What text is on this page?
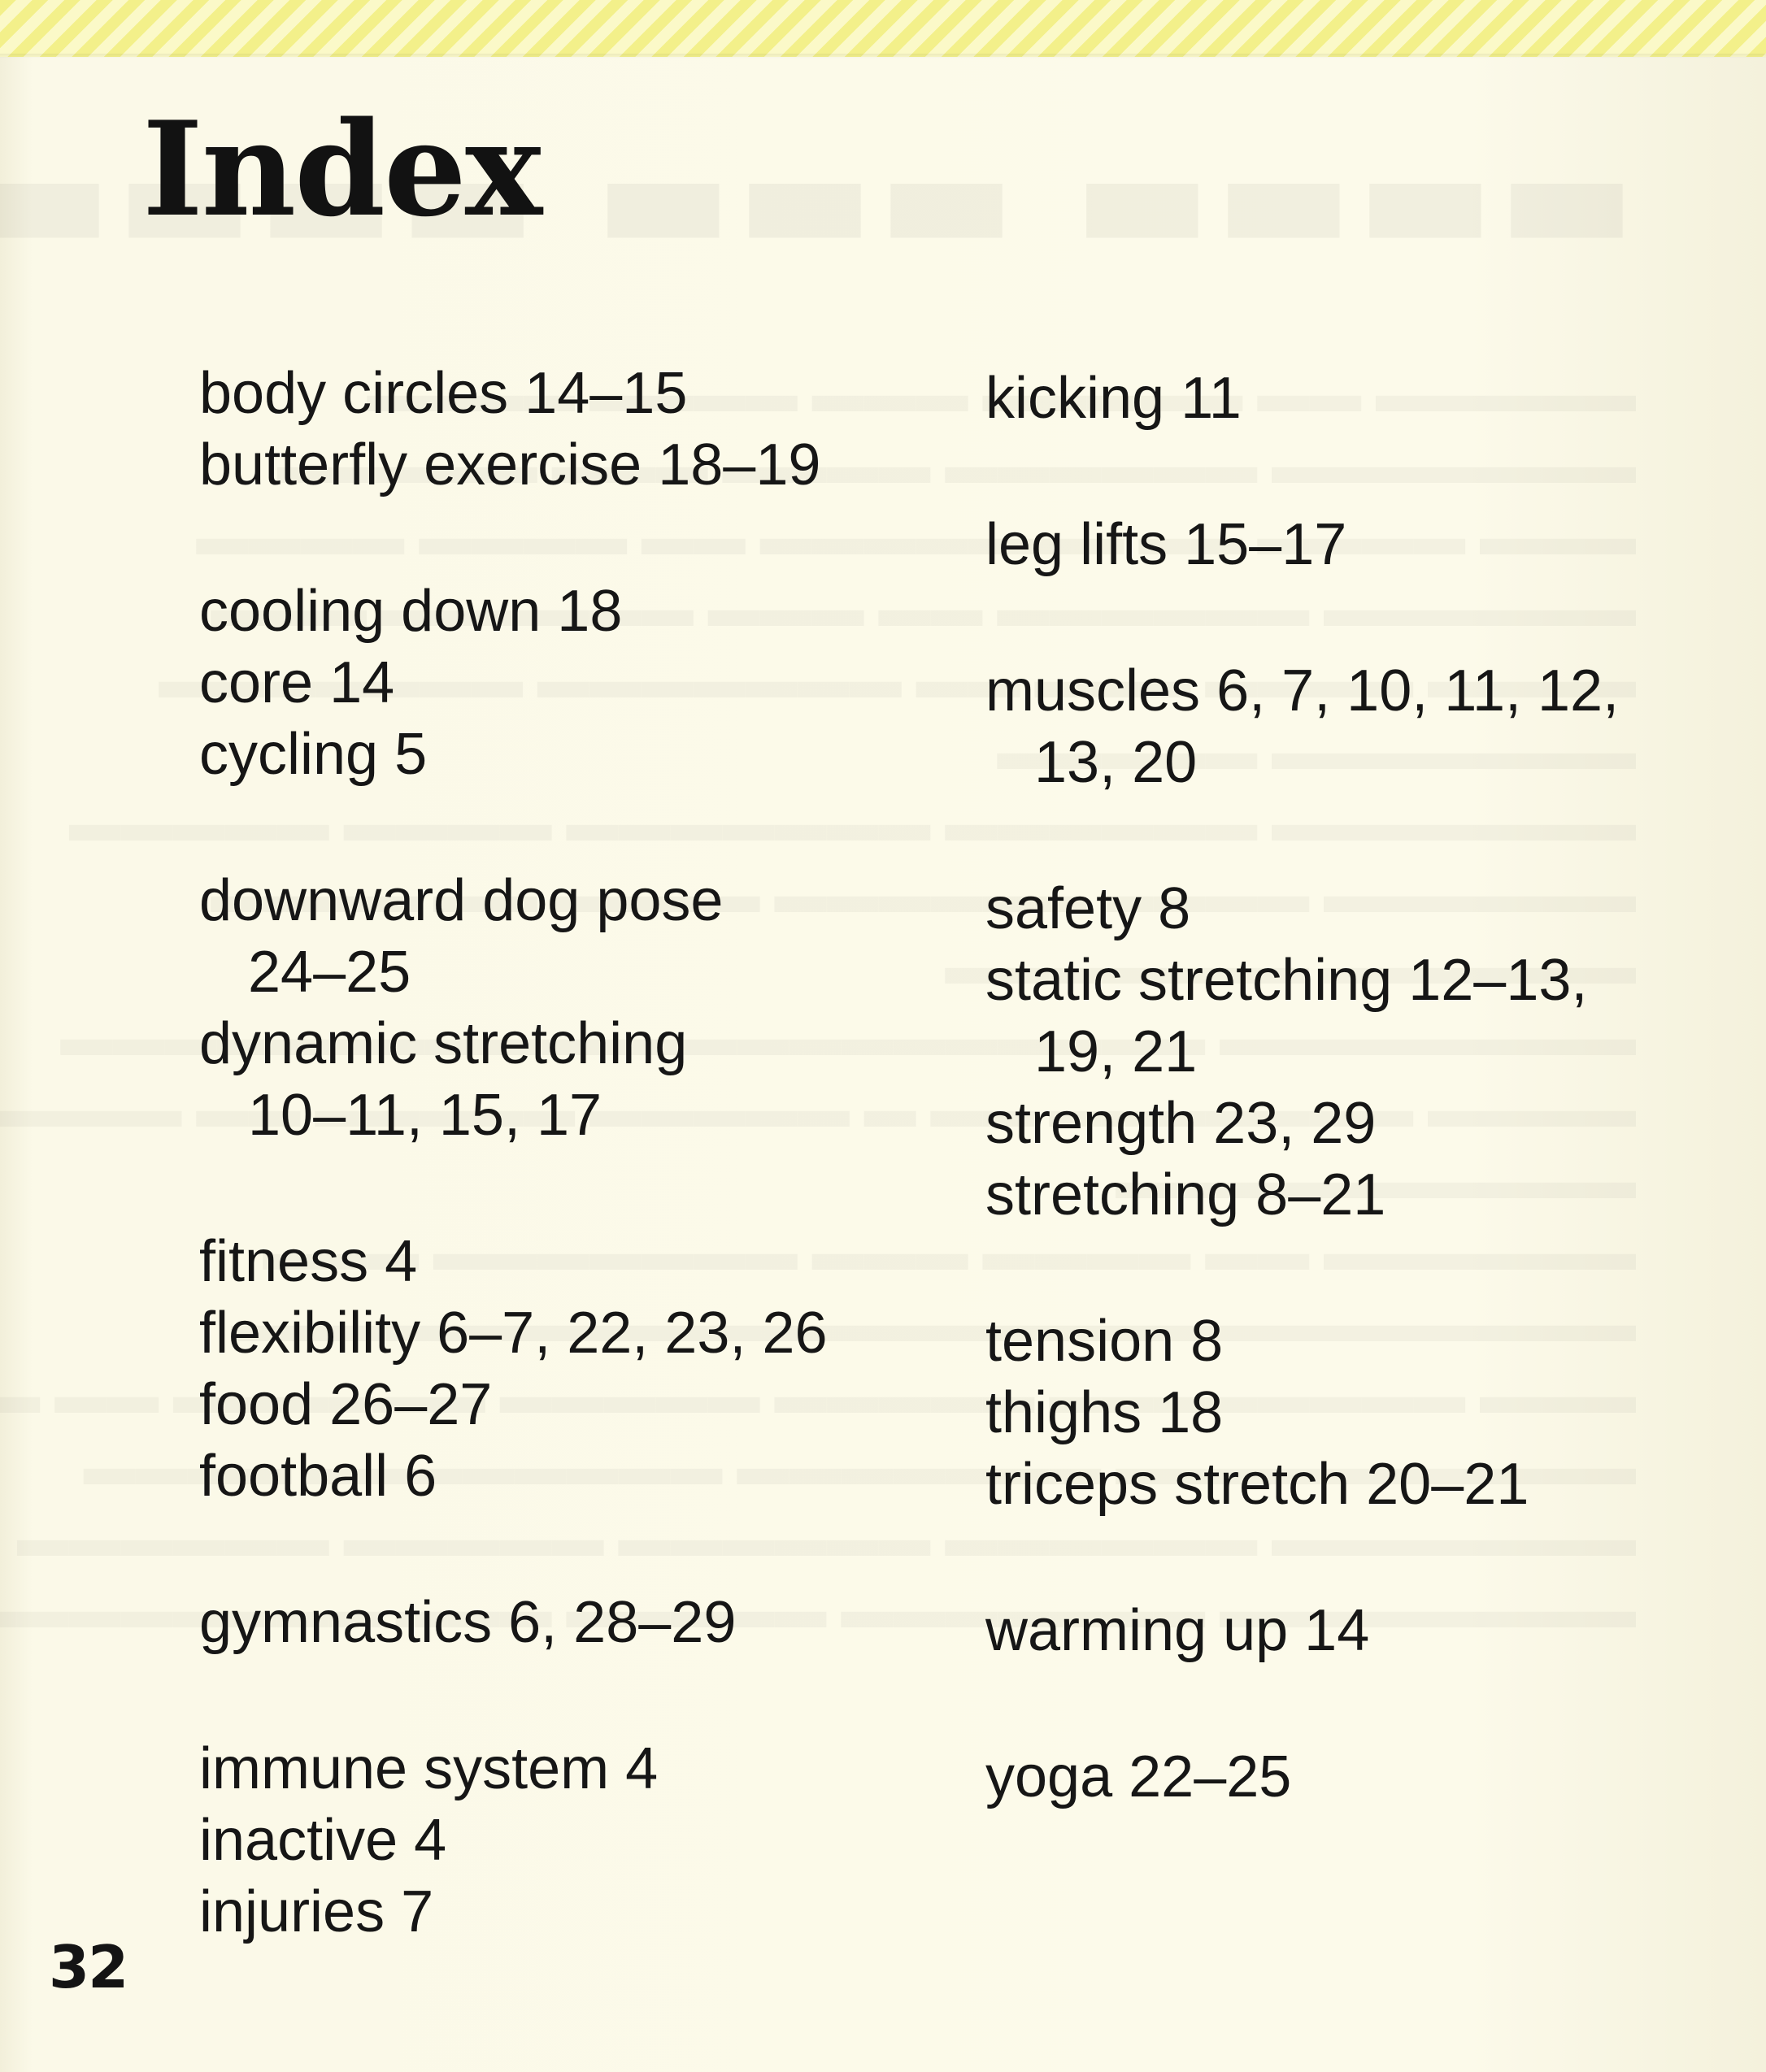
Index
body circles 14–15
butterfly exercise 18–19
cooling down 18
core 14
cycling 5
downward dog pose
24–25
dynamic stretching
10–11, 15, 17
fitness 4
flexibility 6–7, 22, 23, 26
food 26–27
football 6
gymnastics 6, 28–29
immune system 4
inactive 4
injuries 7
kicking 11
leg lifts 15–17
muscles 6, 7, 10, 11, 12,
13, 20
safety 8
static stretching 12–13,
19, 21
strength 23, 29
stretching 8–21
tension 8
thighs 18
triceps stretch 20–21
warming up 14
yoga 22–25
32
